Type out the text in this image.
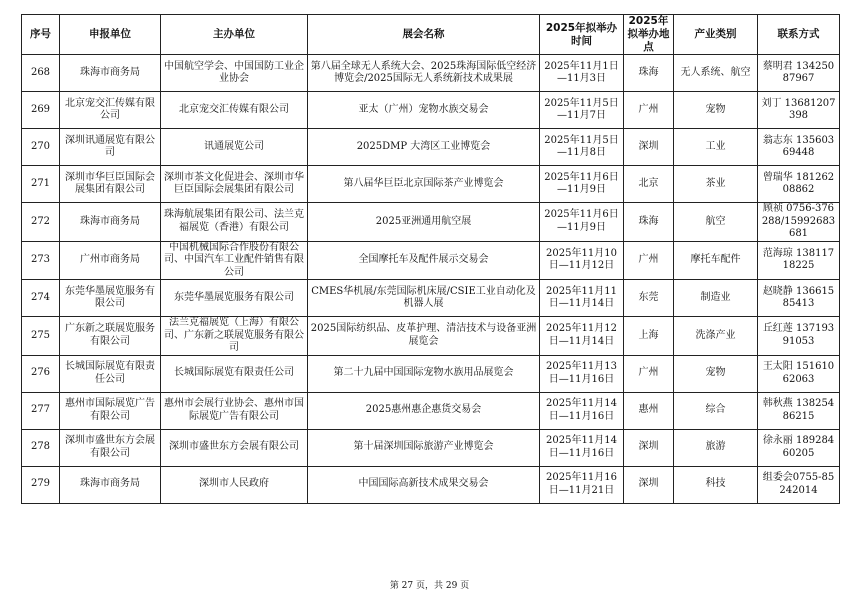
序号	申报单位	主办单位	展会名称	2025年拟举办时间	2025年拟举办地点	产业类别	联系方式
268	珠海市商务局	中国航空学会、中国国防工业企业协会	第八届全球无人系统大会、2025珠海国际低空经济博览会/2025国际无人系统新技术成果展	2025年11月1日—11月3日	珠海	无人系统、航空	蔡明君 13425087967
269	北京宠交汇传媒有限公司	北京宠交汇传媒有限公司	亚太（广州）宠物水族交易会	2025年11月5日—11月7日	广州	宠物	刘丁 13681207398
270	深圳讯通展览有限公司	讯通展览公司	2025DMP 大湾区工业博览会	2025年11月5日—11月8日	深圳	工业	翁志东 13560369448
271	深圳市华巨臣国际会展集团有限公司	深圳市茶文化促进会、深圳市华巨臣国际会展集团有限公司	第八届华巨臣北京国际茶产业博览会	2025年11月6日—11月9日	北京	茶业	曾瑞华 18126208862
272	珠海市商务局	珠海航展集团有限公司、法兰克福展览（香港）有限公司	2025亚洲通用航空展	2025年11月6日—11月9日	珠海	航空	顾祯 0756-376288/15992683681
273	广州市商务局	中国机械国际合作股份有限公司、中国汽车工业配件销售有限公司	全国摩托车及配件展示交易会	2025年11月10日—11月12日	广州	摩托车配件	范海琼 13811718225
274	东莞华墨展览服务有限公司	东莞华墨展览服务有限公司	CMES华机展/东莞国际机床展/CSIE工业自动化及机器人展	2025年11月11日—11月14日	东莞	制造业	赵晓静 13661585413
275	广东新之联展览服务有限公司	法兰克福展览（上海）有限公司、广东新之联展览服务有限公司	2025国际纺织品、皮革护理、清洁技术与设备亚洲展览会	2025年11月12日—11月14日	上海	洗涤产业	丘红莲 13719391053
276	长城国际展览有限责任公司	长城国际展览有限责任公司	第二十九届中国国际宠物水族用品展览会	2025年11月13日—11月16日	广州	宠物	王太阳 15161062063
277	惠州市国际展览广告有限公司	惠州市会展行业协会、惠州市国际展览广告有限公司	2025惠州惠企惠货交易会	2025年11月14日—11月16日	惠州	综合	韩秋燕 13825486215
278	深圳市盛世东方会展有限公司	深圳市盛世东方会展有限公司	第十届深圳国际旅游产业博览会	2025年11月14日—11月16日	深圳	旅游	徐永丽 18928460205
279	珠海市商务局	深圳市人民政府	中国国际高新技术成果交易会	2025年11月16日—11月21日	深圳	科技	组委会0755-85242014
第 27 页，共 29 页
